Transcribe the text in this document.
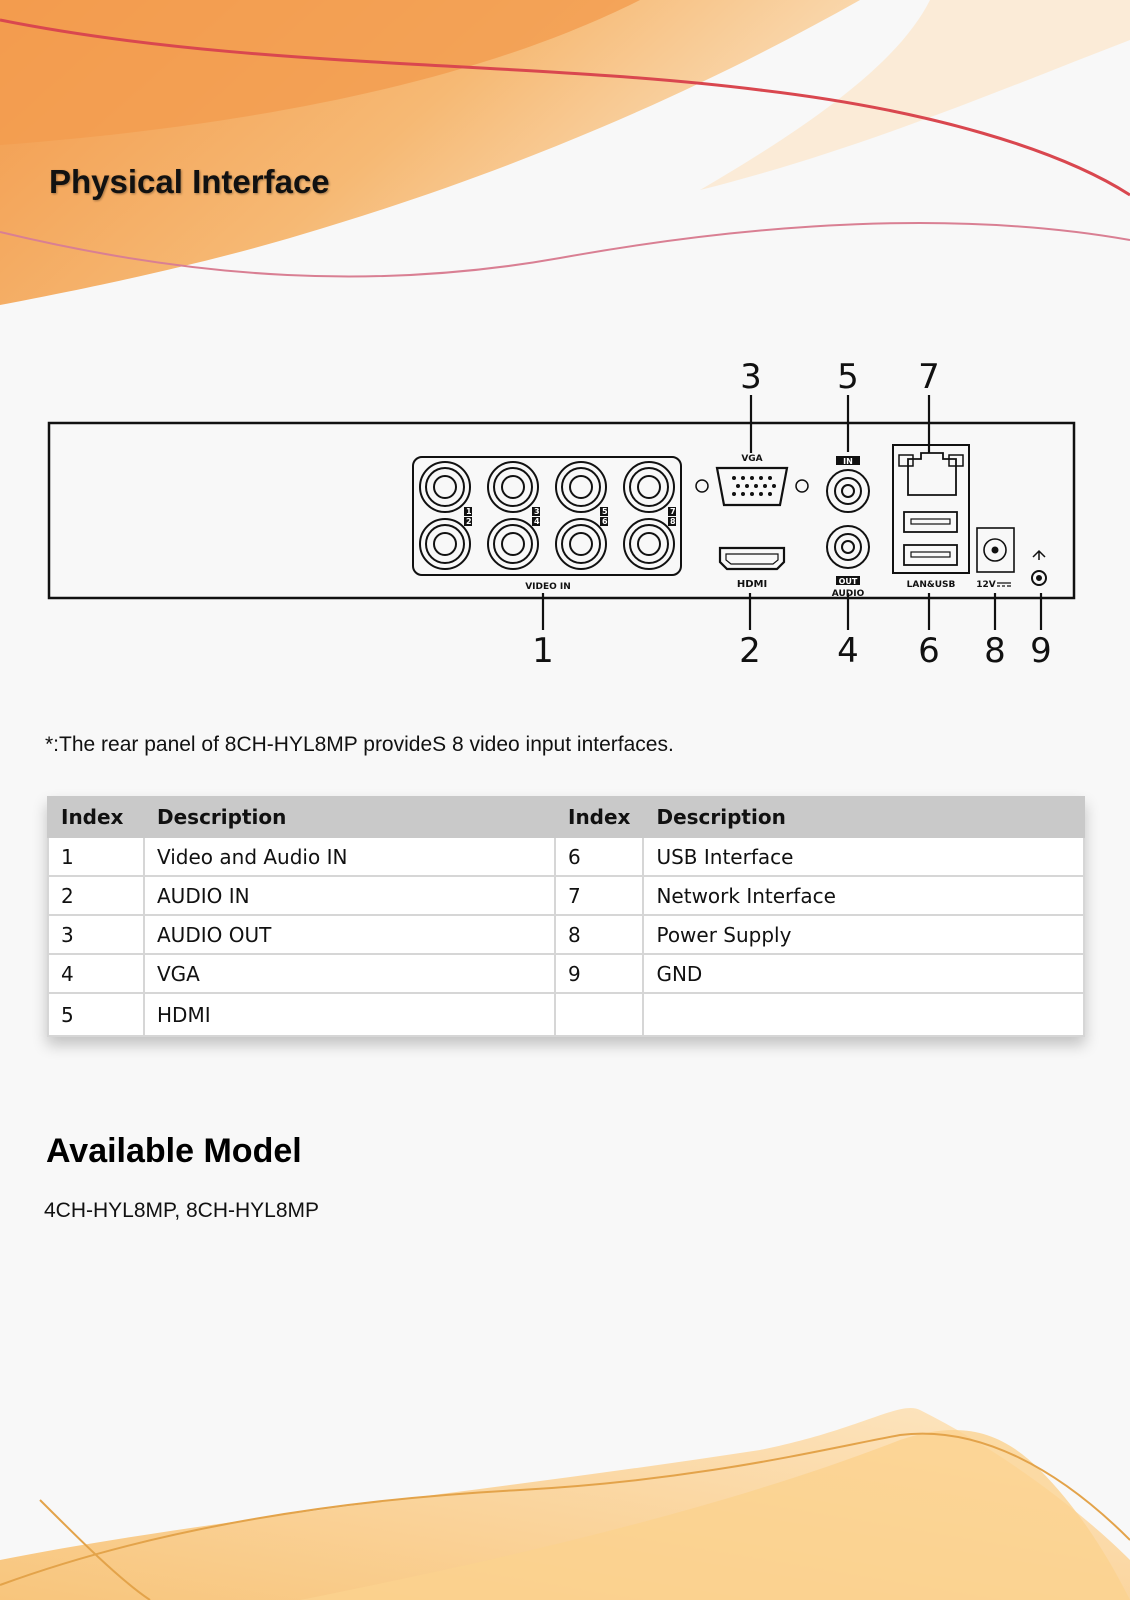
Physical Interface
1
2
3
4
5
6
7
8
VIDEO IN
VGA
HDMI
IN
OUT
AUDIO
LAN&USB 12V
3 5 7
1	2 4 6 8 9
*:The rear panel of 8CH-HYL8MP provideS 8 video input interfaces.
Index	Description	Index	Description
1	Video and Audio IN	6	USB Interface
2	AUDIO IN	7	Network Interface
3	AUDIO OUT	8	Power Supply
4	VGA	9	GND
5	HDMI		
Available Model
4CH-HYL8MP, 8CH-HYL8MP
